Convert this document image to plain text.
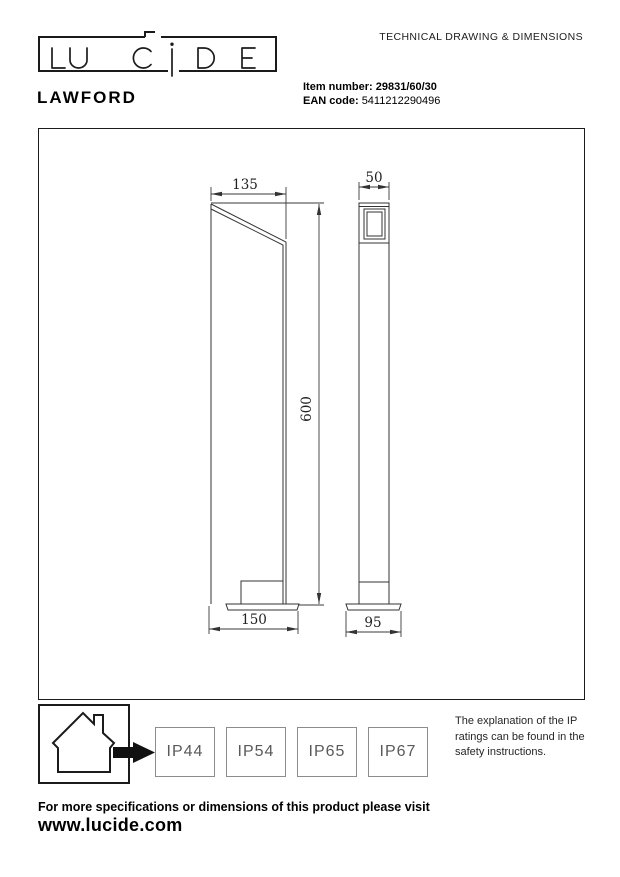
TECHNICAL DRAWING & DIMENSIONS
LAWFORD
Item number: 29831/60/30
EAN code: 5411212290496
135
600
150
50
95
IP44	IP54	IP65	IP67
The explanation of the IP ratings can be found in the safety instructions.
For more specifications or dimensions of this product please visit
www.lucide.com
